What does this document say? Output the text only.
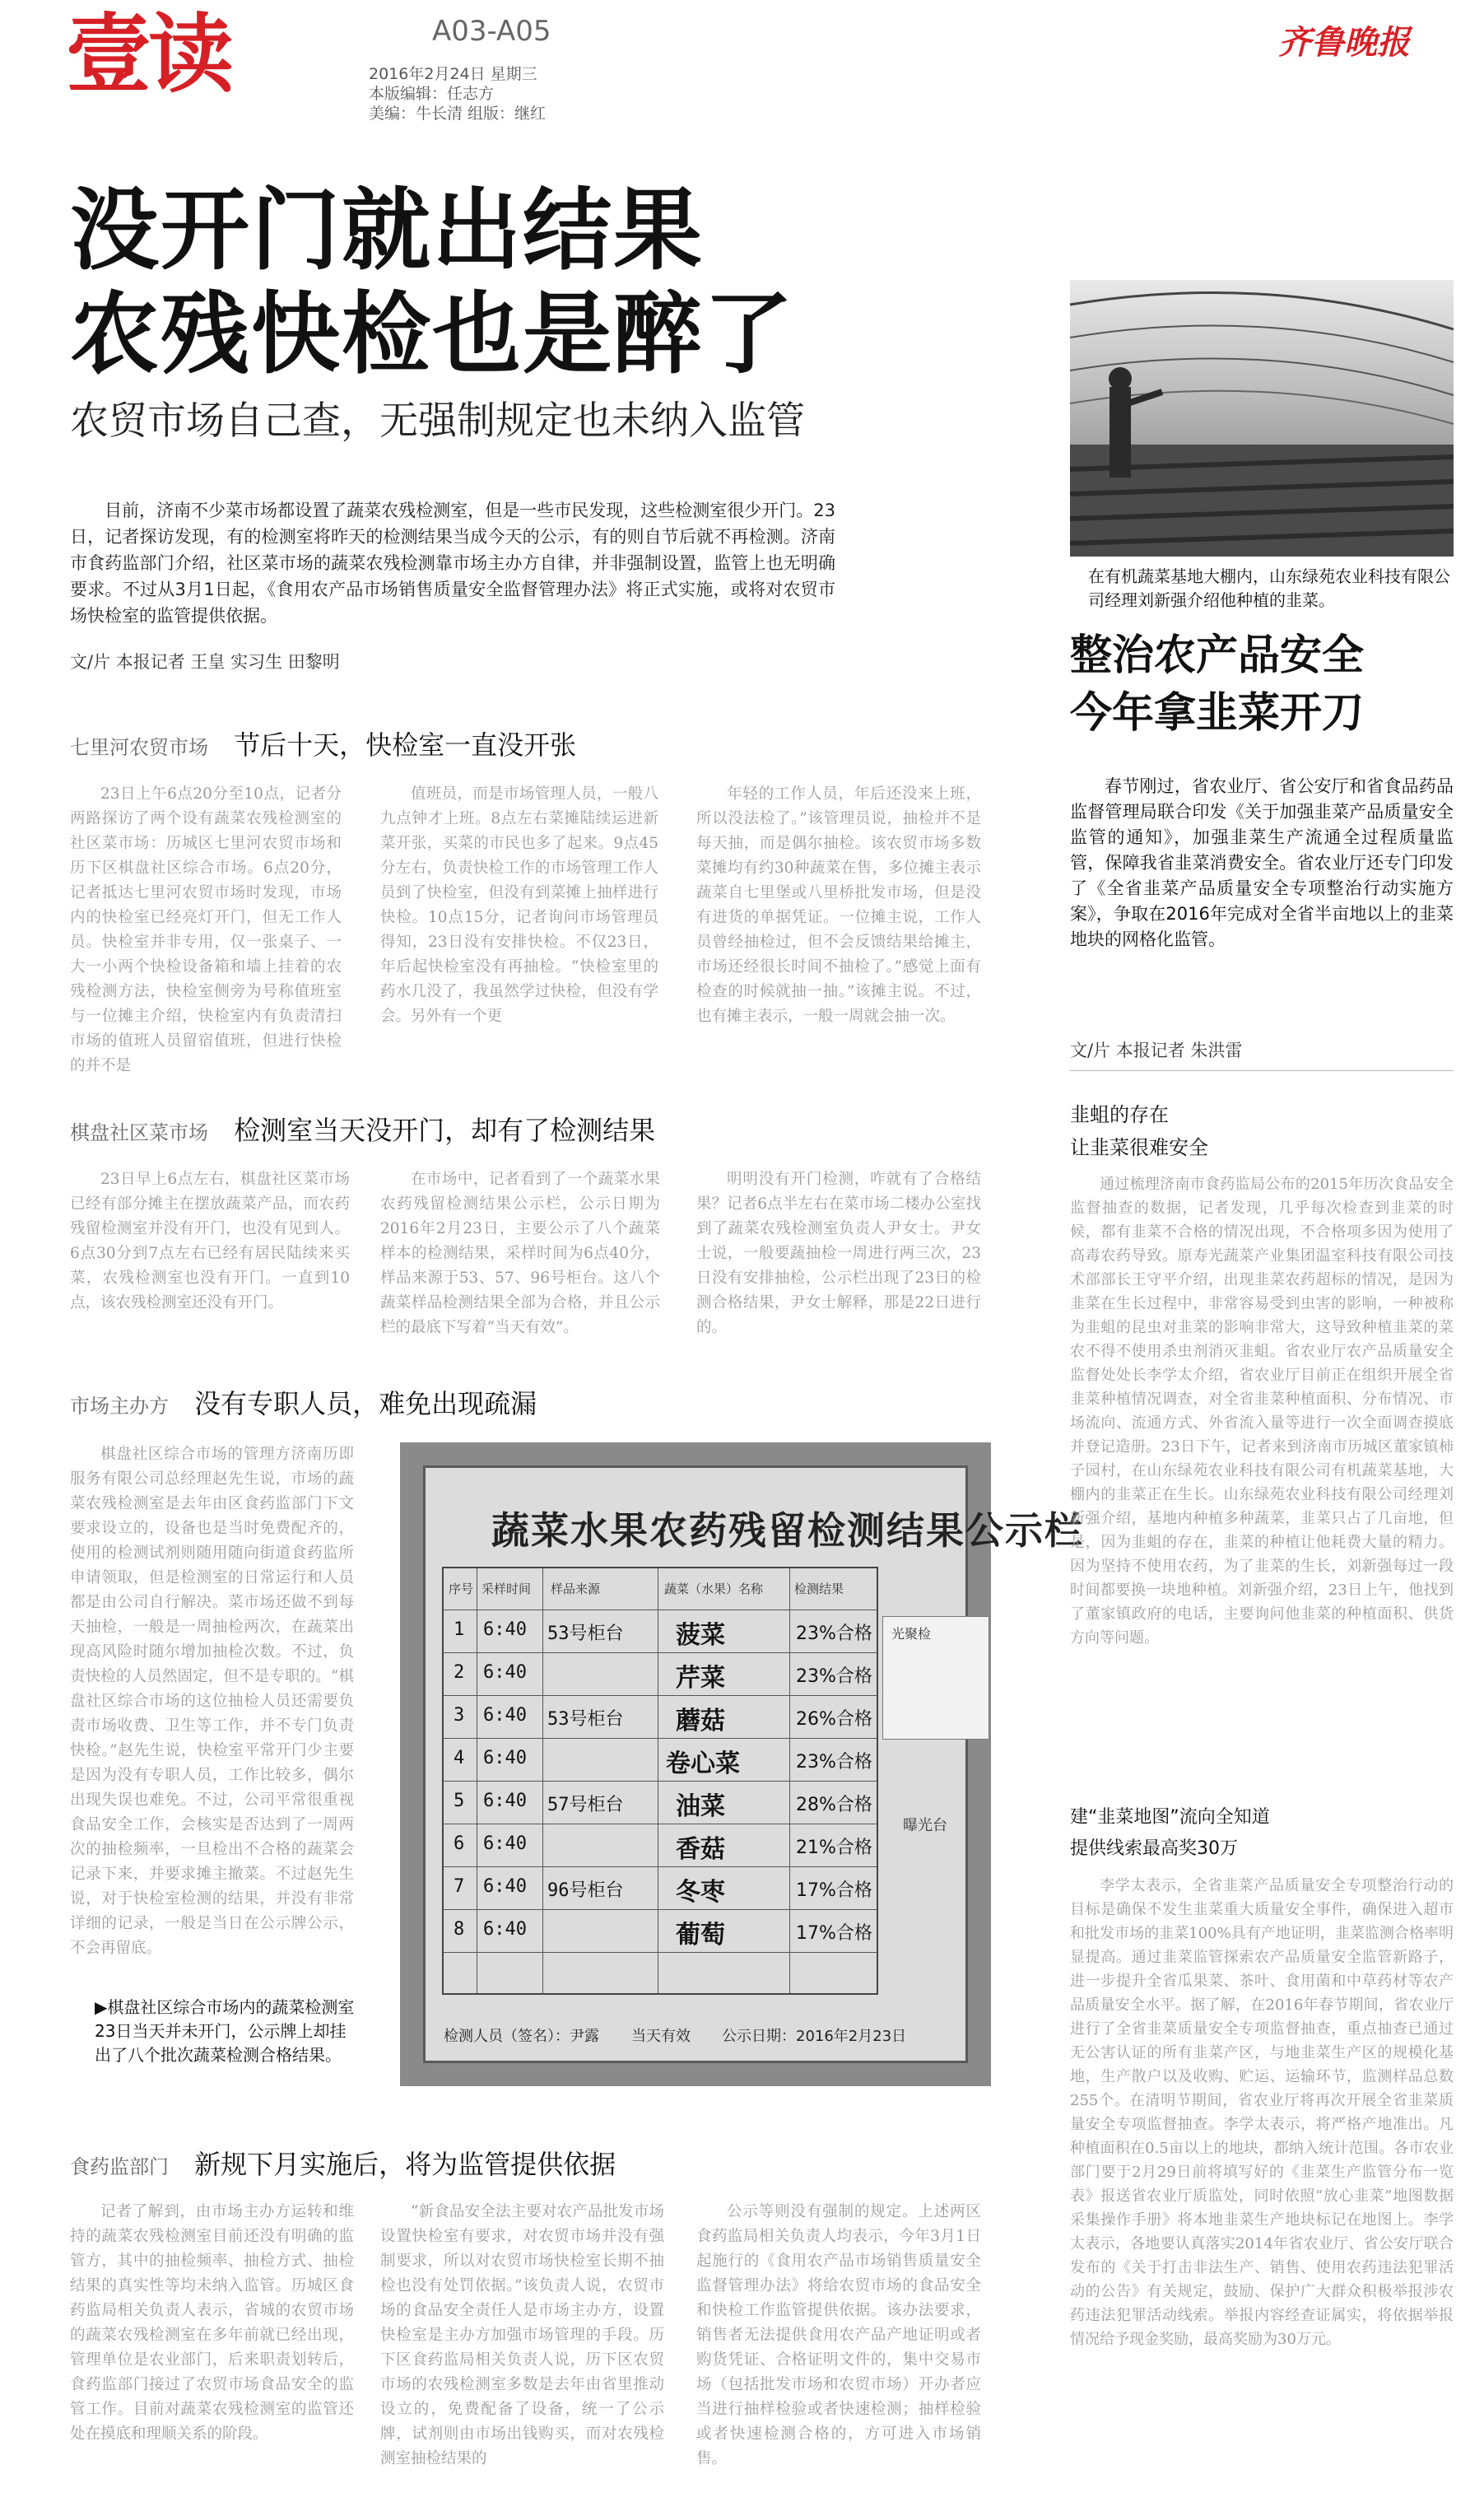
壹读	A03-A05
2016年2月24日 星期三
本版编辑：任志方
美编：牛长清 组版：继红
齐鲁晚报
没开门就出结果
农残快检也是醉了
农贸市场自己查，无强制规定也未纳入监管
目前，济南不少菜市场都设置了蔬菜农残检测室，但是一些市民发现，这些检测室很少开门。23日，记者探访发现，有的检测室将昨天的检测结果当成今天的公示，有的则自节后就不再检测。济南市食药监部门介绍，社区菜市场的蔬菜农残检测靠市场主办方自律，并非强制设置，监管上也无明确要求。不过从3月1日起，《食用农产品市场销售质量安全监督管理办法》将正式实施，或将对农贸市场快检室的监管提供依据。
文/片 本报记者 王皇 实习生 田黎明
七里河农贸市场 节后十天，快检室一直没开张
23日上午6点20分至10点，记者分两路探访了两个设有蔬菜农残检测室的社区菜市场：历城区七里河农贸市场和历下区棋盘社区综合市场。6点20分，记者抵达七里河农贸市场时发现，市场内的快检室已经亮灯开门，但无工作人员。快检室并非专用，仅一张桌子、一大一小两个快检设备箱和墙上挂着的农残检测方法，快检室侧旁为号称值班室与一位摊主介绍，快检室内有负责清扫市场的值班人员留宿值班，但进行快检的并不是
值班员，而是市场管理人员，一般八九点钟才上班。8点左右菜摊陆续运进新菜开张，买菜的市民也多了起来。9点45分左右，负责快检工作的市场管理工作人员到了快检室，但没有到菜摊上抽样进行快检。10点15分，记者询问市场管理员得知，23日没有安排快检。不仅23日，年后起快检室没有再抽检。“快检室里的药水几没了，我虽然学过快检，但没有学会。另外有一个更
年轻的工作人员，年后还没来上班，所以没法检了。”该管理员说，抽检并不是每天抽，而是偶尔抽检。该农贸市场多数菜摊均有约30种蔬菜在售，多位摊主表示蔬菜自七里堡或八里桥批发市场，但是没有进货的单据凭证。一位摊主说，工作人员曾经抽检过，但不会反馈结果给摊主，市场还经很长时间不抽检了。”感觉上面有检查的时候就抽一抽。”该摊主说。不过，也有摊主表示，一般一周就会抽一次。
棋盘社区菜市场 检测室当天没开门，却有了检测结果
23日早上6点左右，棋盘社区菜市场已经有部分摊主在摆放蔬菜产品，而农药残留检测室并没有开门，也没有见到人。6点30分到7点左右已经有居民陆续来买菜，农残检测室也没有开门。一直到10点，该农残检测室还没有开门。
在市场中，记者看到了一个蔬菜水果农药残留检测结果公示栏，公示日期为2016年2月23日，主要公示了八个蔬菜样本的检测结果，采样时间为6点40分，样品来源于53、57、96号柜台。这八个蔬菜样品检测结果全部为合格，并且公示栏的最底下写着“当天有效”。
明明没有开门检测，咋就有了合格结果？记者6点半左右在菜市场二楼办公室找到了蔬菜农残检测室负责人尹女士。尹女士说，一般要蔬抽检一周进行两三次，23日没有安排抽检，公示栏出现了23日的检测合格结果，尹女士解释，那是22日进行的。
市场主办方 没有专职人员，难免出现疏漏
棋盘社区综合市场的管理方济南历即服务有限公司总经理赵先生说，市场的蔬菜农残检测室是去年由区食药监部门下文要求设立的，设备也是当时免费配齐的，使用的检测试剂则随用随向街道食药监所申请领取，但是检测室的日常运行和人员都是由公司自行解决。菜市场还做不到每天抽检，一般是一周抽检两次，在蔬菜出现高风险时随尔增加抽检次数。不过，负责快检的人员然固定，但不是专职的。“棋盘社区综合市场的这位抽检人员还需要负责市场收费、卫生等工作，并不专门负责快检。”赵先生说，快检室平常开门少主要是因为没有专职人员，工作比较多，偶尔出现失误也难免。不过，公司平常很重视食品安全工作，会核实是否达到了一周两次的抽检频率，一旦检出不合格的蔬菜会记录下来，并要求摊主撤菜。不过赵先生说，对于快检室检测的结果，并没有非常详细的记录，一般是当日在公示牌公示，不会再留底。
蔬菜水果农药残留检测结果公示栏
序号 采样时间 样品来源	蔬菜（水果）名称	检测结果
1 6:40 53号柜台 菠菜	23%合格
2 6:40	芹菜	23%合格
3 6:40 53号柜台 蘑菇	26%合格
4 6:40	卷心菜	23%合格
5 6:40 57号柜台 油菜	28%合格
6 6:40	香菇	21%合格
7 6:40 96号柜台 冬枣	17%合格
8 6:40	葡萄	17%合格
光聚检
曝光台
检测人员（签名）：尹露 当天有效 公示日期：2016年2月23日
▶棋盘社区综合市场内的蔬菜检测室23日当天并未开门，公示牌上却挂出了八个批次蔬菜检测合格结果。
食药监部门 新规下月实施后，将为监管提供依据
记者了解到，由市场主办方运转和维持的蔬菜农残检测室目前还没有明确的监管方，其中的抽检频率、抽检方式、抽检结果的真实性等均未纳入监管。历城区食药监局相关负责人表示，省城的农贸市场的蔬菜农残检测室在多年前就已经出现，管理单位是农业部门，后来职责划转后，食药监部门接过了农贸市场食品安全的监管工作。目前对蔬菜农残检测室的监管还处在摸底和理顺关系的阶段。
“新食品安全法主要对农产品批发市场设置快检室有要求，对农贸市场并没有强制要求，所以对农贸市场快检室长期不抽检也没有处罚依据。”该负责人说，农贸市场的食品安全责任人是市场主办方，设置快检室是主办方加强市场管理的手段。历下区食药监局相关负责人说，历下区农贸市场的农残检测室多数是去年由省里推动设立的，免费配备了设备，统一了公示牌，试剂则由市场出钱购买，而对农残检测室抽检结果的
公示等则没有强制的规定。上述两区食药监局相关负责人均表示，今年3月1日起施行的《食用农产品市场销售质量安全监督管理办法》将给农贸市场的食品安全和快检工作监管提供依据。该办法要求，销售者无法提供食用农产品产地证明或者购货凭证、合格证明文件的，集中交易市场（包括批发市场和农贸市场）开办者应当进行抽样检验或者快速检测；抽样检验或者快速检测合格的，方可进入市场销售。
在有机蔬菜基地大棚内，山东绿苑农业科技有限公司经理刘新强介绍他种植的韭菜。
整治农产品安全
今年拿韭菜开刀
春节刚过，省农业厅、省公安厅和省食品药品监督管理局联合印发《关于加强韭菜产品质量安全监管的通知》，加强韭菜生产流通全过程质量监管，保障我省韭菜消费安全。省农业厅还专门印发了《全省韭菜产品质量安全专项整治行动实施方案》，争取在2016年完成对全省半亩地以上的韭菜地块的网格化监管。
文/片 本报记者 朱洪雷
韭蛆的存在
让韭菜很难安全
通过梳理济南市食药监局公布的2015年历次食品安全监督抽查的数据，记者发现，几乎每次检查到韭菜的时候，都有韭菜不合格的情况出现，不合格项多因为使用了高毒农药导致。原寿光蔬菜产业集团温室科技有限公司技术部部长王守平介绍，出现韭菜农药超标的情况，是因为韭菜在生长过程中，非常容易受到虫害的影响，一种被称为韭蛆的昆虫对韭菜的影响非常大，这导致种植韭菜的菜农不得不使用杀虫剂消灭韭蛆。省农业厅农产品质量安全监督处处长李学太介绍，省农业厅目前正在组织开展全省韭菜种植情况调查，对全省韭菜种植面积、分布情况、市场流向、流通方式、外省流入量等进行一次全面调查摸底并登记造册。23日下午，记者来到济南市历城区董家镇柿子园村，在山东绿苑农业科技有限公司有机蔬菜基地，大棚内的韭菜正在生长。山东绿苑农业科技有限公司经理刘新强介绍，基地内种植多种蔬菜，韭菜只占了几亩地，但是，因为韭蛆的存在，韭菜的种植让他耗费大量的精力。因为坚持不使用农药，为了韭菜的生长，刘新强每过一段时间都要换一块地种植。刘新强介绍，23日上午，他找到了董家镇政府的电话，主要询问他韭菜的种植面积、供货方向等问题。
建“韭菜地图”流向全知道
提供线索最高奖30万
李学太表示，全省韭菜产品质量安全专项整治行动的目标是确保不发生韭菜重大质量安全事件，确保进入超市和批发市场的韭菜100%具有产地证明，韭菜监测合格率明显提高。通过韭菜监管探索农产品质量安全监管新路子，进一步提升全省瓜果菜、茶叶、食用菌和中草药材等农产品质量安全水平。据了解，在2016年春节期间，省农业厅进行了全省韭菜质量安全专项监督抽查，重点抽查已通过无公害认证的所有韭菜产区，与地韭菜生产区的规模化基地，生产散户以及收购、贮运、运输环节，监测样品总数255个。在清明节期间，省农业厅将再次开展全省韭菜质量安全专项监督抽查。李学太表示，将严格产地准出。凡种植面积在0.5亩以上的地块，都纳入统计范围。各市农业部门要于2月29日前将填写好的《韭菜生产监管分布一览表》报送省农业厅质监处，同时依照“放心韭菜”地图数据采集操作手册》将本地韭菜生产地块标记在地图上。李学太表示，各地要认真落实2014年省农业厅、省公安厅联合发布的《关于打击非法生产、销售、使用农药违法犯罪活动的公告》有关规定，鼓励、保护广大群众积极举报涉农药违法犯罪活动线索。举报内容经查证属实，将依据举报情况给予现金奖励，最高奖励为30万元。
